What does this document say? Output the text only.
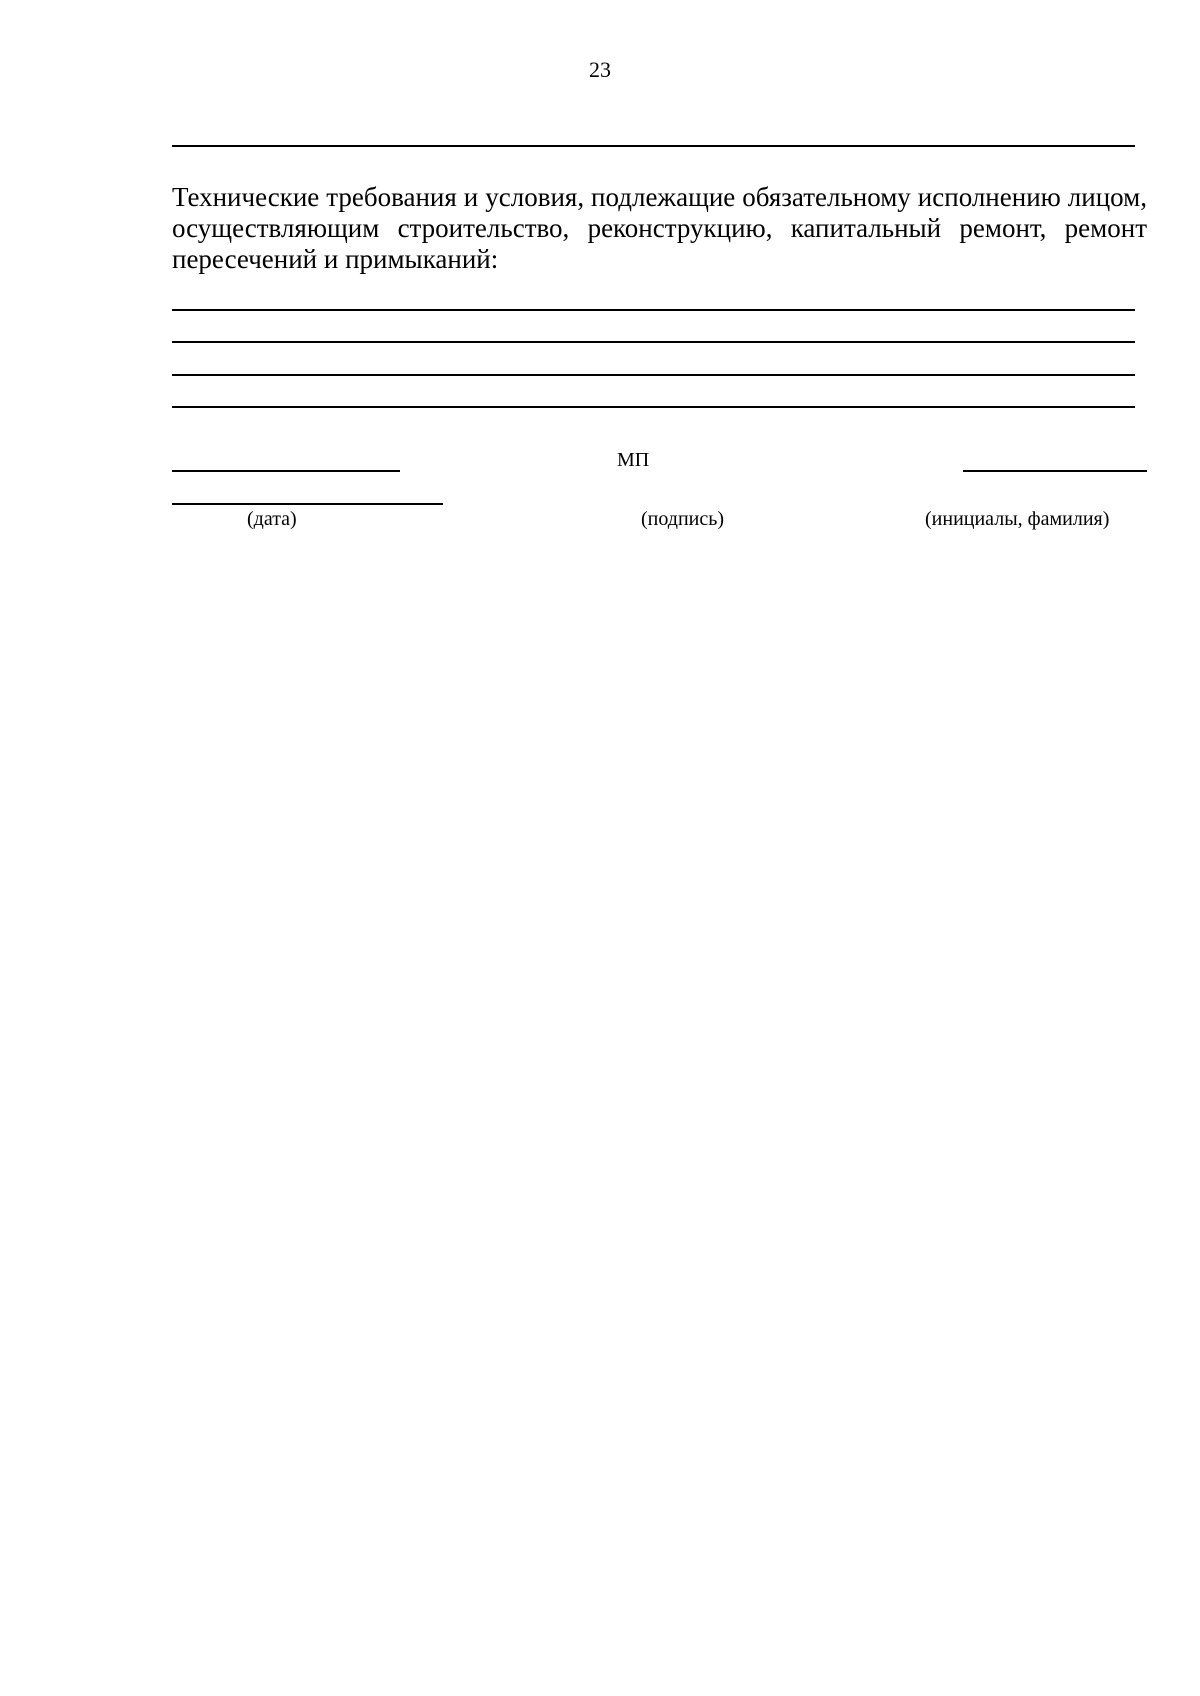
23
Технические требования и условия, подлежащие обязательному исполнению лицом, осуществляющим строительство, реконструкцию, капитальный ремонт, ремонт пересечений и примыканий:
МП
(дата)	(подпись)	(инициалы, фамилия)
